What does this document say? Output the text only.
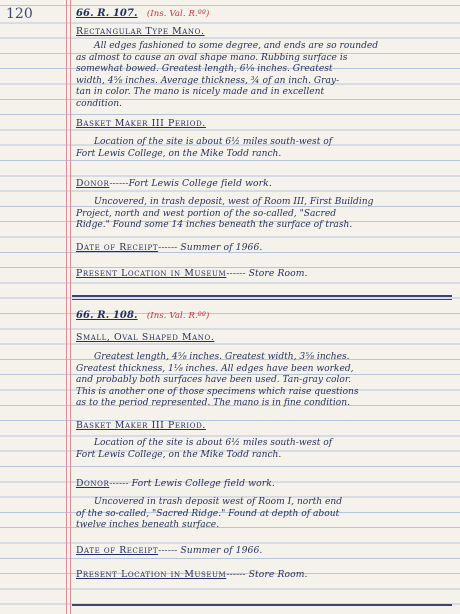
120	66. R. 107. (Ins. Val. R.ºº)
Rectangular Type Mano.
All edges fashioned to some degree, and ends are so rounded
as almost to cause an oval shape mano. Rubbing surface is
somewhat bowed. Greatest length, 6⅛ inches. Greatest
width, 4⅝ inches. Average thickness, ¾ of an inch. Gray-
tan in color. The mano is nicely made and in excellent
condition.
Basket Maker III Period.
Location of the site is about 6½ miles south-west of
Fort Lewis College, on the Mike Todd ranch.
Donor------Fort Lewis College field work.
Uncovered, in trash deposit, west of Room III, First Building
Project, north and west portion of the so-called, "Sacred
Ridge." Found some 14 inches beneath the surface of trash.
Date of Receipt------ Summer of 1966.
Present Location in Museum------ Store Room.
66. R. 108. (Ins. Val. R.ºº)
Small, Oval Shaped Mano.
Greatest length, 4⅝ inches. Greatest width, 3⅝ inches.
Greatest thickness, 1⅛ inches. All edges have been worked,
and probably both surfaces have been used. Tan-gray color.
This is another one of those specimens which raise questions
as to the period represented. The mano is in fine condition.
Basket Maker III Period.
Location of the site is about 6½ miles south-west of
Fort Lewis College, on the Mike Todd ranch.
Donor------ Fort Lewis College field work.
Uncovered in trash deposit west of Room I, north end
of the so-called, "Sacred Ridge." Found at depth of about
twelve inches beneath surface.
Date of Receipt------ Summer of 1966.
Present Location in Museum------ Store Room.
